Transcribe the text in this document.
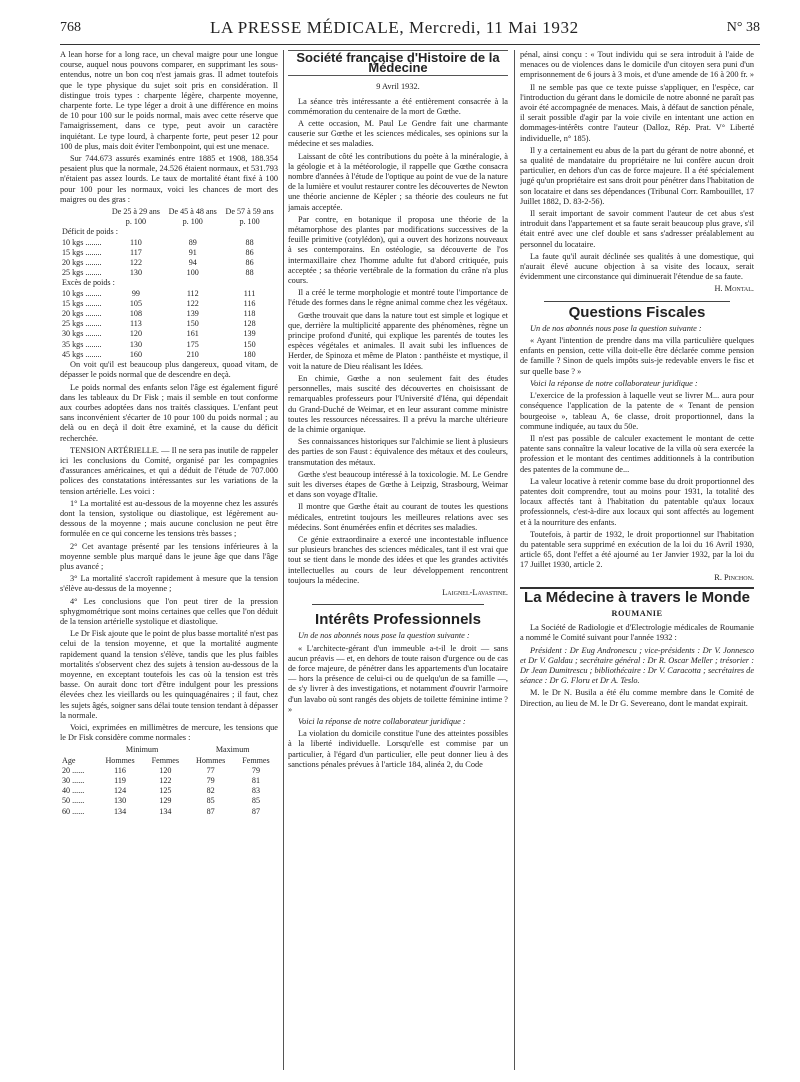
768	LA PRESSE MÉDICALE, Mercredi, 11 Mai 1932	N° 38

A lean horse for a long race, un cheval maigre pour une longue course, auquel nous pouvons comparer, en supprimant les sous-entendus, notre un bon coq n'est jamais gras. Il admet toutefois que le type physique du sujet soit pris en considération. Il distingue trois types : charpente légère, charpente moyenne, charpente forte. Le type léger a droit à une différence en moins de 10 pour 100 sur le poids normal, mais avec cette réserve que l'amaigrissement, dans ce type, peut avoir un caractère inquiétant. Le type lourd, à charpente forte, peut peser 12 pour 100 de plus, mais doit éviter l'embonpoint, qui est une menace.

Sur 744.673 assurés examinés entre 1885 et 1908, 188.354 pesaient plus que la normale, 24.526 étaient normaux, et 531.793 n'étaient pas assez lourds. Le taux de mortalité étant fixé à 100 pour 100 pour les normaux, voici les chances de mort des maigres ou des gras :

	De 25 à 29 ans	De 45 à 48 ans	De 57 à 59 ans
	p. 100	p. 100	p. 100
Déficit de poids :			
10 kgs ........	110	89	88
15 kgs ........	117	91	86
20 kgs ........	122	94	86
25 kgs ........	130	100	88
Excès de poids :			
10 kgs ........	99	112	111
15 kgs ........	105	122	116
20 kgs ........	108	139	118
25 kgs ........	113	150	128
30 kgs ........	120	161	139
35 kgs ........	130	175	150
45 kgs ........	160	210	180

On voit qu'il est beaucoup plus dangereux, quoad vitam, de dépasser le poids normal que de descendre en deçà.

Le poids normal des enfants selon l'âge est également figuré dans les tableaux du Dr Fisk ; mais il semble en tout conforme aux courbes adoptées dans nos traités classiques. L'enfant peut sans inconvénient s'écarter de 10 pour 100 du poids normal ; au delà ou en deçà il doit être examiné, et la cause du déficit recherchée.

TENSION ARTÉRIELLE. — Il ne sera pas inutile de rappeler ici les conclusions du Comité, organisé par les compagnies d'assurances américaines, et qui a déduit de l'étude de 707.000 polices des constatations intéressantes sur les variations de la tension artérielle. Les voici :

1° La mortalité est au-dessous de la moyenne chez les assurés dont la tension, systolique ou diastolique, est légèrement au-dessous de la moyenne ; mais aucune conclusion ne peut être formulée en ce qui concerne les tensions très basses ;

2° Cet avantage présenté par les tensions inférieures à la moyenne semble plus marqué dans le jeune âge que dans l'âge plus avancé ;

3° La mortalité s'accroît rapidement à mesure que la tension s'élève au-dessus de la moyenne ;

4° Les conclusions que l'on peut tirer de la pression sphygmométrique sont moins certaines que celles que l'on déduit de la tension artérielle systolique et diastolique.

Le Dr Fisk ajoute que le point de plus basse mortalité n'est pas celui de la tension moyenne, et que la mortalité augmente rapidement quand la tension s'élève, tandis que les plus faibles mortalités s'observent chez des sujets à tension au-dessous de la moyenne, en exceptant toutefois les cas où la tension est très basse. On aurait donc tort d'être indulgent pour les pressions élevées chez les vieillards ou les quinquagénaires ; il faut, chez les sujets âgés, soigner sans délai toute tension tendant à dépasser la normale.

Voici, exprimées en millimètres de mercure, les tensions que le Dr Fisk considère comme normales :

	Minimum		Maximum	
Age	Hommes	Femmes	Hommes	Femmes
20 ......	116	120	77	79
30 ......	119	122	79	81
40 ......	124	125	82	83
50 ......	130	129	85	85
60 ......	134	134	87	87
Société française d'Histoire de la Médecine
9 Avril 1932.

La séance très intéressante a été entièrement consacrée à la commémoration du centenaire de la mort de Gœthe.

A cette occasion, M. Paul Le Gendre fait une charmante causerie sur Gœthe et les sciences médicales, ses opinions sur la médecine et ses maladies.

Laissant de côté les contributions du poète à la minéralogie, à la géologie et à la météorologie, il rappelle que Gœthe consacra nombre d'années à l'étude de l'optique au point de vue de la nature de la lumière et voulut restaurer contre les découvertes de Newton une théorie ancienne de Képler ; sa théorie des couleurs ne fut jamais acceptée.

Par contre, en botanique il proposa une théorie de la métamorphose des plantes par modifications successives de la feuille primitive (cotylédon), qui a ouvert des horizons nouveaux à ses contemporains. En ostéologie, sa découverte de l'os intermaxillaire chez l'homme adulte fut d'abord critiquée, puis acceptée ; sa théorie vertébrale de la formation du crâne n'a plus cours.

Il a créé le terme morphologie et montré toute l'importance de l'étude des formes dans le règne animal comme chez les végétaux.

Gœthe trouvait que dans la nature tout est simple et logique et que, derrière la multiplicité apparente des phénomènes, règne un principe profond d'unité, qui explique les parentés de toutes les espèces végétales et animales. Il avait subi les influences de Herder, de Spinoza et même de Platon : panthéiste et mystique, il voit la nature de Dieu réalisant les Idées.

En chimie, Gœthe a non seulement fait des études personnelles, mais suscité des découvertes en choisissant de remarquables professeurs pour l'Université d'Iéna, qui dépendait du Grand-Duché de Weimar, et en leur assurant comme ministre toutes les ressources nécessaires. Il a prévu la marche ultérieure de la chimie organique.

Ses connaissances historiques sur l'alchimie se lient à plusieurs des parties de son Faust : équivalence des métaux et des couleurs, transmutation des métaux.

Gœthe s'est beaucoup intéressé à la toxicologie. M. Le Gendre suit les diverses étapes de Gœthe à Leipzig, Strasbourg, Weimar et dans son voyage d'Italie.

Il montre que Gœthe était au courant de toutes les questions médicales, entretint toujours les meilleures relations avec ses médecins. Sont énumérées enfin et décrites ses maladies.

Ce génie extraordinaire a exercé une incontestable influence sur plusieurs branches des sciences médicales, tant il est vrai que tout se tient dans le monde des idées et que les grandes activités intellectuelles au cours de leur développement rencontrent toujours la médecine.

Laignel-Lavastine.
Intérêts Professionnels

Un de nos abonnés nous pose la question suivante :

« L'architecte-gérant d'un immeuble a-t-il le droit — sans aucun préavis — et, en dehors de toute raison d'urgence ou de cas de force majeure, de pénétrer dans les appartements d'un locataire — hors la présence de celui-ci ou de quelqu'un de sa famille —, de s'y livrer à des investigations, et notamment d'ouvrir l'armoire d'un lavabo où sont rangés des objets de toilette féminine intime ? »

Voici la réponse de notre collaborateur juridique :

La violation du domicile constitue l'une des atteintes possibles à la liberté individuelle. Lorsqu'elle est commise par un particulier, à l'égard d'un particulier, elle peut donner lieu à des sanctions pénales prévues à l'article 184, alinéa 2, du Code

pénal, ainsi conçu : « Tout individu qui se sera introduit à l'aide de menaces ou de violences dans le domicile d'un citoyen sera puni d'un emprisonnement de 6 jours à 3 mois, et d'une amende de 16 à 200 fr. »

Il ne semble pas que ce texte puisse s'appliquer, en l'espèce, car l'introduction du gérant dans le domicile de notre abonné ne paraît pas avoir été accompagnée de menaces. Mais, à défaut de sanction pénale, il serait possible d'agir par la voie civile en intentant une action en dommages-intérêts contre l'auteur (Dalloz, Rép. Prat. V° Liberté individuelle, n° 185).

Il y a certainement eu abus de la part du gérant de notre abonné, et sa qualité de mandataire du propriétaire ne lui confère aucun droit particulier, en dehors d'un cas de force majeure. Il a été spécialement jugé qu'un propriétaire est sans droit pour pénétrer dans l'habitation de son locataire et dans ses dépendances (Tribunal Corr. Rambouillet, 17 Juillet 1882, D. 83-2-56).

Il serait important de savoir comment l'auteur de cet abus s'est introduit dans l'appartement et sa faute serait beaucoup plus grave, s'il était entré avec une clef double et sans s'adresser préalablement au personnel du locataire.

La faute qu'il aurait déclinée ses qualités à une domestique, qui n'aurait élevé aucune objection à sa visite des locaux, serait évidemment une circonstance qui diminuerait l'étendue de sa faute.

H. Montal.
Questions Fiscales

Un de nos abonnés nous pose la question suivante :

« Ayant l'intention de prendre dans ma villa particulière quelques enfants en pension, cette villa doit-elle être déclarée comme pension de famille ? Sinon de quels impôts suis-je redevable envers le fisc et sur quelle base ? »

Voici la réponse de notre collaborateur juridique :

L'exercice de la profession à laquelle veut se livrer M... aura pour conséquence l'application de la patente de « Tenant de pension bourgeoise », tableau A, 6e classe, droit proportionnel, dans la commune indiquée, au taux du 50e.

Il n'est pas possible de calculer exactement le montant de cette patente sans connaître la valeur locative de la villa où sera exercée la profession et le montant des centimes additionnels à la contribution des patentes de la commune de...

La valeur locative à retenir comme base du droit proportionnel des patentes doit comprendre, tout au moins pour 1931, la totalité des locaux affectés tant à l'habitation du patentable qu'aux locaux professionnels, c'est-à-dire aux locaux qui sont affectés au logement et à la nourriture des enfants.

Toutefois, à partir de 1932, le droit proportionnel sur l'habitation du patentable sera supprimé en exécution de la loi du 16 Avril 1930, article 65, dont l'effet a été ajourné au 1er Janvier 1932, par la loi du 17 Juillet 1930, article 2.

R. Pinchon.
La Médecine à travers le Monde
ROUMANIE

La Société de Radiologie et d'Electrologie médicales de Roumanie a nommé le Comité suivant pour l'année 1932 :

Président : Dr Eug Andronescu ; vice-présidents : Dr V. Jonnesco et Dr V. Galdau ; secrétaire général : Dr R. Oscar Meller ; trésorier : Dr Jean Dumitrescu ; bibliothécaire : Dr V. Caracotta ; secrétaires de séance : Dr G. Floru et Dr A. Teslo.

M. le Dr N. Busila a été élu comme membre dans le Comité de Direction, au lieu de M. le Dr G. Severeano, dont le mandat expirait.
